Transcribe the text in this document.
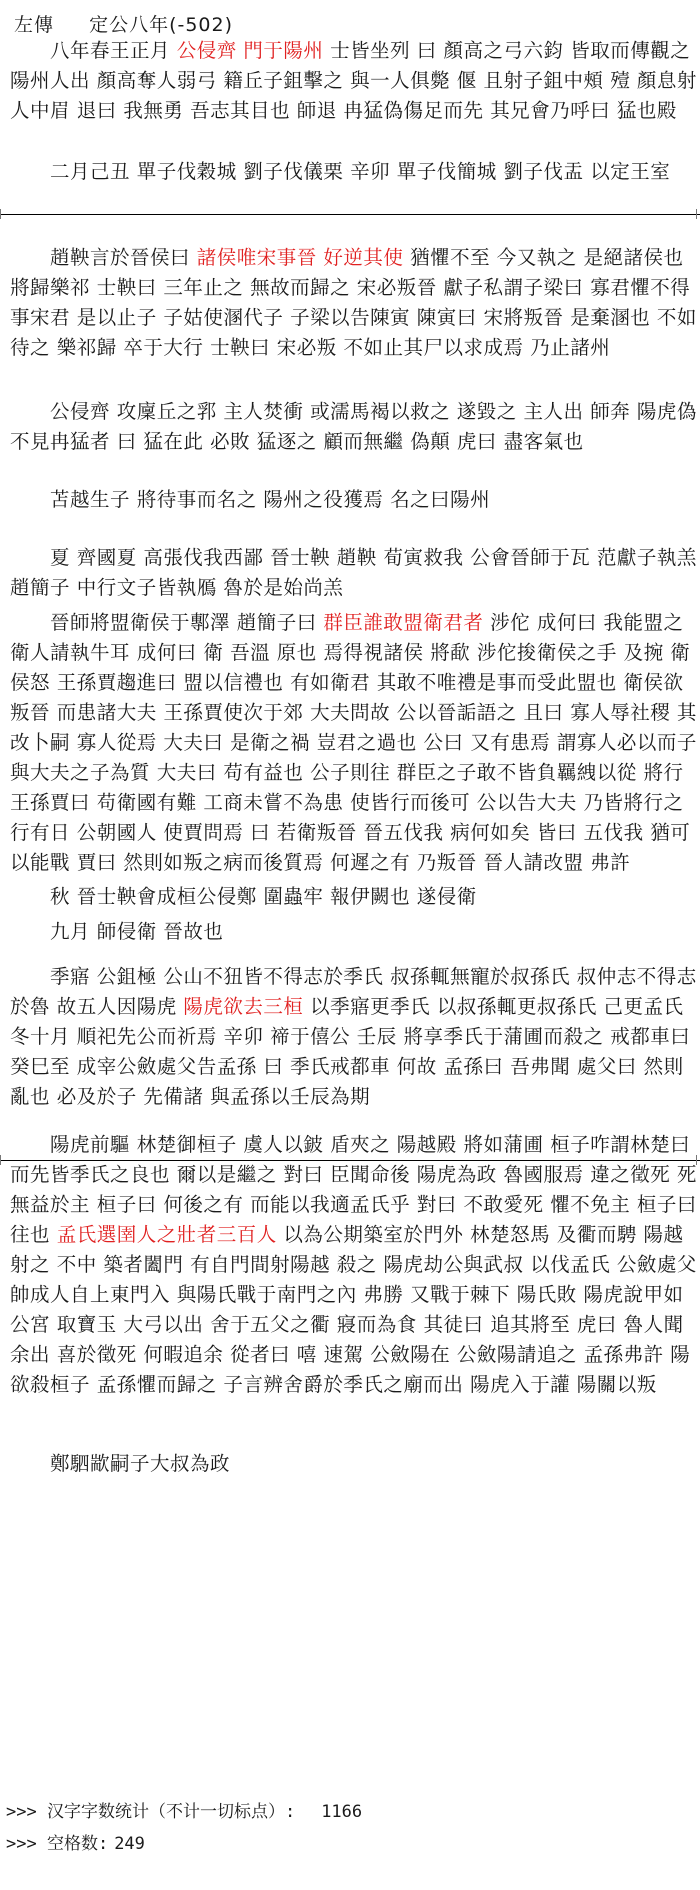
左傳 定公八年(-502)
八年春王正月 公侵齊 門于陽州 士皆坐列 曰 顏高之弓六鈞 皆取而傳觀之 陽州人出 顏高奪人弱弓 籍丘子鉏擊之 與一人俱斃 偃 且射子鉏中頰 殪 顏息射人中眉 退曰 我無勇 吾志其目也 師退 冉猛偽傷足而先 其兄會乃呼曰 猛也殿
二月己丑 單子伐穀城 劉子伐儀栗 辛卯 單子伐簡城 劉子伐盂 以定王室
趙鞅言於晉侯曰 諸侯唯宋事晉 好逆其使 猶懼不至 今又執之 是絕諸侯也 將歸樂祁 士鞅曰 三年止之 無故而歸之 宋必叛晉 獻子私謂子梁曰 寡君懼不得事宋君 是以止子 子姑使溷代子 子梁以告陳寅 陳寅曰 宋將叛晉 是棄溷也 不如待之 樂祁歸 卒于大行 士鞅曰 宋必叛 不如止其尸以求成焉 乃止諸州
公侵齊 攻廩丘之郛 主人焚衝 或濡馬褐以救之 遂毀之 主人出 師奔 陽虎偽不見冉猛者 曰 猛在此 必敗 猛逐之 顧而無繼 偽顛 虎曰 盡客氣也
苫越生子 將待事而名之 陽州之役獲焉 名之曰陽州
夏 齊國夏 高張伐我西鄙 晉士鞅 趙鞅 荀寅救我 公會晉師于瓦 范獻子執羔 趙簡子 中行文子皆執鴈 魯於是始尚羔
晉師將盟衛侯于鄟澤 趙簡子曰 群臣誰敢盟衛君者 涉佗 成何曰 我能盟之 衛人請執牛耳 成何曰 衛 吾溫 原也 焉得視諸侯 將歃 涉佗捘衛侯之手 及捥 衛侯怒 王孫賈趨進曰 盟以信禮也 有如衛君 其敢不唯禮是事而受此盟也 衛侯欲叛晉 而患諸大夫 王孫賈使次于郊 大夫問故 公以晉詬語之 且曰 寡人辱社稷 其改卜嗣 寡人從焉 大夫曰 是衛之禍 豈君之過也 公曰 又有患焉 謂寡人必以而子與大夫之子為質 大夫曰 苟有益也 公子則往 群臣之子敢不皆負羈絏以從 將行 王孫賈曰 苟衛國有難 工商未嘗不為患 使皆行而後可 公以告大夫 乃皆將行之 行有日 公朝國人 使賈問焉 曰 若衛叛晉 晉五伐我 病何如矣 皆曰 五伐我 猶可以能戰 賈曰 然則如叛之病而後質焉 何遲之有 乃叛晉 晉人請改盟 弗許
秋 晉士鞅會成桓公侵鄭 圍蟲牢 報伊闕也 遂侵衛
九月 師侵衛 晉故也
季寤 公鉏極 公山不狃皆不得志於季氏 叔孫輒無寵於叔孫氏 叔仲志不得志於魯 故五人因陽虎 陽虎欲去三桓 以季寤更季氏 以叔孫輒更叔孫氏 己更孟氏 冬十月 順祀先公而祈焉 辛卯 禘于僖公 壬辰 將享季氏于蒲圃而殺之 戒都車曰 癸巳至 成宰公斂處父告孟孫 曰 季氏戒都車 何故 孟孫曰 吾弗聞 處父曰 然則亂也 必及於子 先備諸 與孟孫以壬辰為期
陽虎前驅 林楚御桓子 虞人以鈹 盾夾之 陽越殿 將如蒲圃 桓子咋謂林楚曰 而先皆季氏之良也 爾以是繼之 對曰 臣聞命後 陽虎為政 魯國服焉 違之徵死 死無益於主 桓子曰 何後之有 而能以我適孟氏乎 對曰 不敢愛死 懼不免主 桓子曰 往也 孟氏選圉人之壯者三百人 以為公期築室於門外 林楚怒馬 及衢而騁 陽越射之 不中 築者闔門 有自門間射陽越 殺之 陽虎劫公與武叔 以伐孟氏 公斂處父帥成人自上東門入 與陽氏戰于南門之內 弗勝 又戰于棘下 陽氏敗 陽虎說甲如公宮 取寶玉 大弓以出 舍于五父之衢 寢而為食 其徒曰 追其將至 虎曰 魯人聞余出 喜於徵死 何暇追余 從者曰 嘻 速駕 公斂陽在 公斂陽請追之 孟孫弗許 陽欲殺桓子 孟孫懼而歸之 子言辨舍爵於季氏之廟而出 陽虎入于讙 陽關以叛
鄭駟歂嗣子大叔為政
>>> 汉字字数统计（不计一切标点）: 1166
>>> 空格数: 249
